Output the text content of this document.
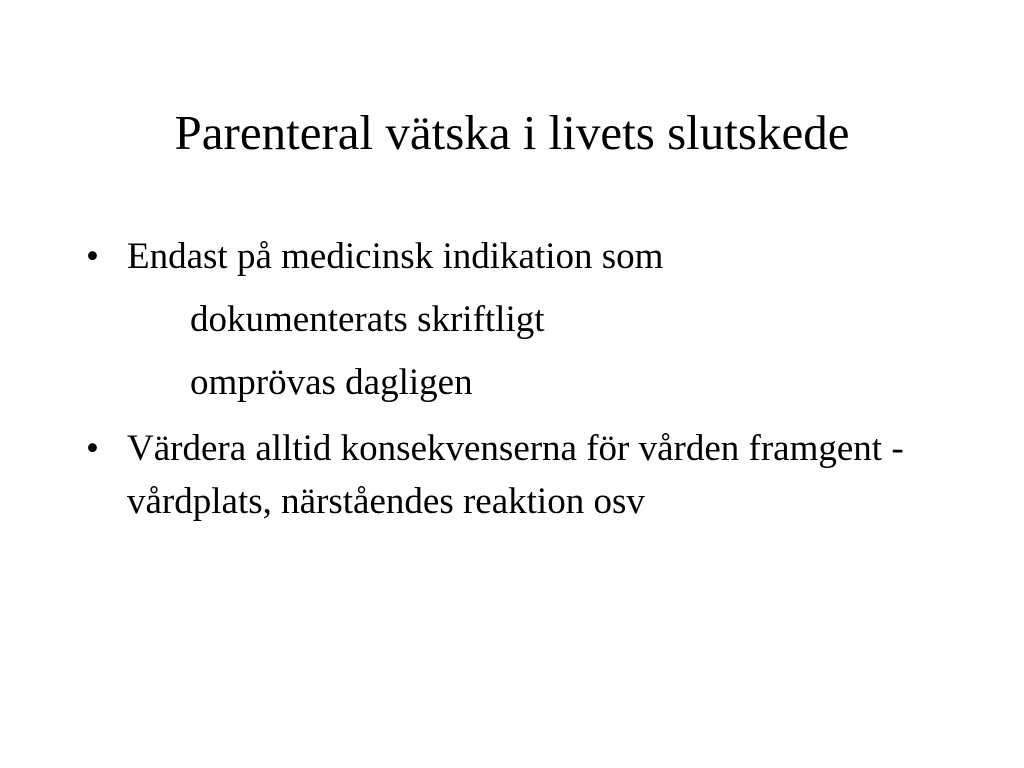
Parenteral vätska i livets slutskede
• Endast på medicinsk indikation som
dokumenterats skriftligt
omprövas dagligen
• Värdera alltid konsekvenserna för vården framgent - vårdplats, närståendes reaktion osv
